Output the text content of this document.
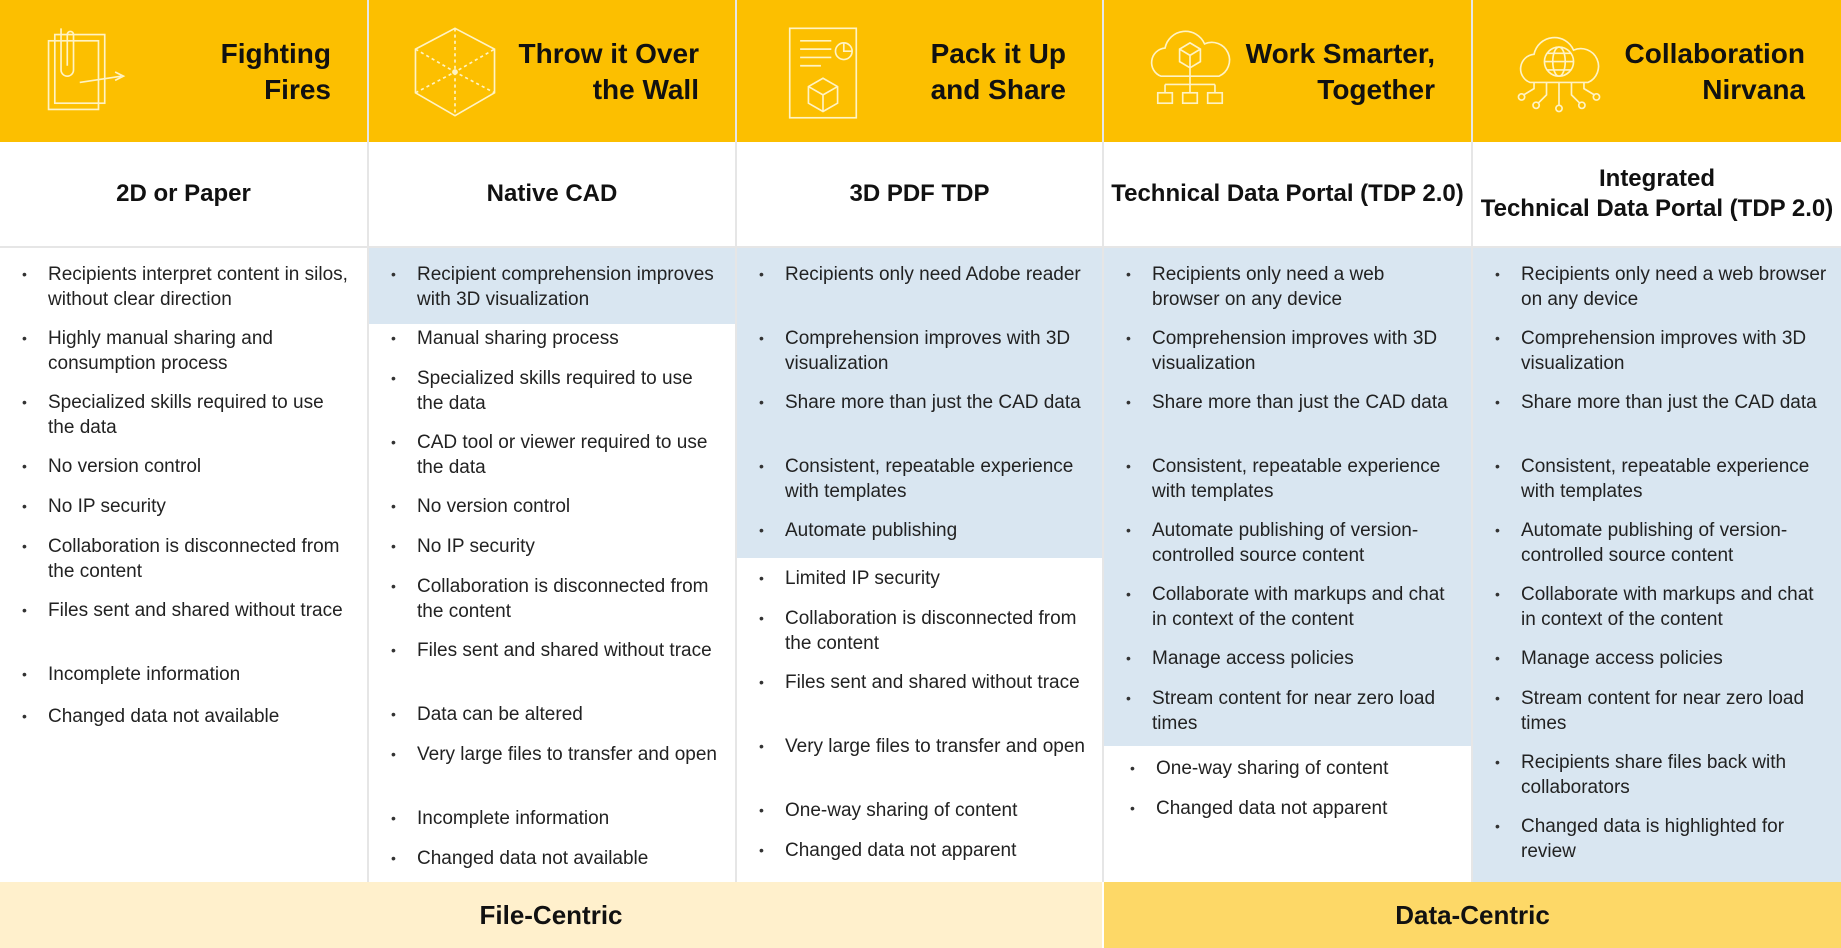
Fighting
Fires
2D or Paper
• Recipients interpret content in silos, without clear direction
• Highly manual sharing and consumption process
• Specialized skills required to use the data
• No version control
• No IP security
• Collaboration is disconnected from the content
• Files sent and shared without trace
• Incomplete information
• Changed data not available
Throw it Over
the Wall
Native CAD
• Recipient comprehension improves with 3D visualization
• Manual sharing process
• Specialized skills required to use the data
• CAD tool or viewer required to use the data
• No version control
• No IP security
• Collaboration is disconnected from the content
• Files sent and shared without trace
• Data can be altered
• Very large files to transfer and open
• Incomplete information
• Changed data not available
Pack it Up
and Share
3D PDF TDP
• Recipients only need Adobe reader
• Comprehension improves with 3D visualization
• Share more than just the CAD data
• Consistent, repeatable experience with templates
• Automate publishing
• Limited IP security
• Collaboration is disconnected from the content
• Files sent and shared without trace
• Very large files to transfer and open
• One-way sharing of content
• Changed data not apparent
Work Smarter,
Together
Technical Data Portal (TDP 2.0)
• Recipients only need a web browser on any device
• Comprehension improves with 3D visualization
• Share more than just the CAD data
• Consistent, repeatable experience with templates
• Automate publishing of version-controlled source content
• Collaborate with markups and chat in context of the content
• Manage access policies
• Stream content for near zero load times
• One-way sharing of content
• Changed data not apparent
Collaboration
Nirvana
Integrated
Technical Data Portal (TDP 2.0)
• Recipients only need a web browser on any device
• Comprehension improves with 3D visualization
• Share more than just the CAD data
• Consistent, repeatable experience with templates
• Automate publishing of version-controlled source content
• Collaborate with markups and chat in context of the content
• Manage access policies
• Stream content for near zero load times
• Recipients share files back with collaborators
• Changed data is highlighted for review
File-Centric	Data-Centric
